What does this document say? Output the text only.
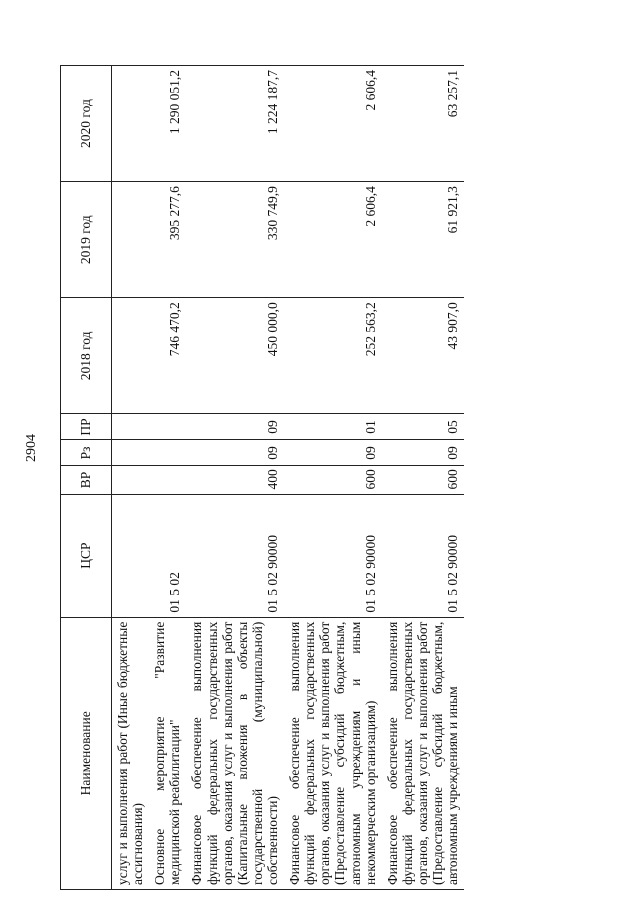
2904
Наименование	ЦСР	ВР	Рз	ПР	2018 год	2019 год	2020 год
услуг и выполнения работ (Иные бюджетные ассигнования)							
Основное мероприятие "Развитие медицинской реабилитации"	01 5 02				746 470,2	395 277,6	1 290 051,2
Финансовое обеспечение выполнения функций федеральных государственных органов, оказания услуг и выполнения работ (Капитальные вложения в объекты государственной (муниципальной) собственности)	01 5 02 90000	400	09	09	450 000,0	330 749,9	1 224 187,7
Финансовое обеспечение выполнения функций федеральных государственных органов, оказания услуг и выполнения работ (Предоставление субсидий бюджетным, автономным учреждениям и иным некоммерческим организациям)	01 5 02 90000	600	09	01	252 563,2	2 606,4	2 606,4
Финансовое обеспечение выполнения функций федеральных государственных органов, оказания услуг и выполнения работ (Предоставление субсидий бюджетным, автономным учреждениям и иным	01 5 02 90000	600	09	05	43 907,0	61 921,3	63 257,1
